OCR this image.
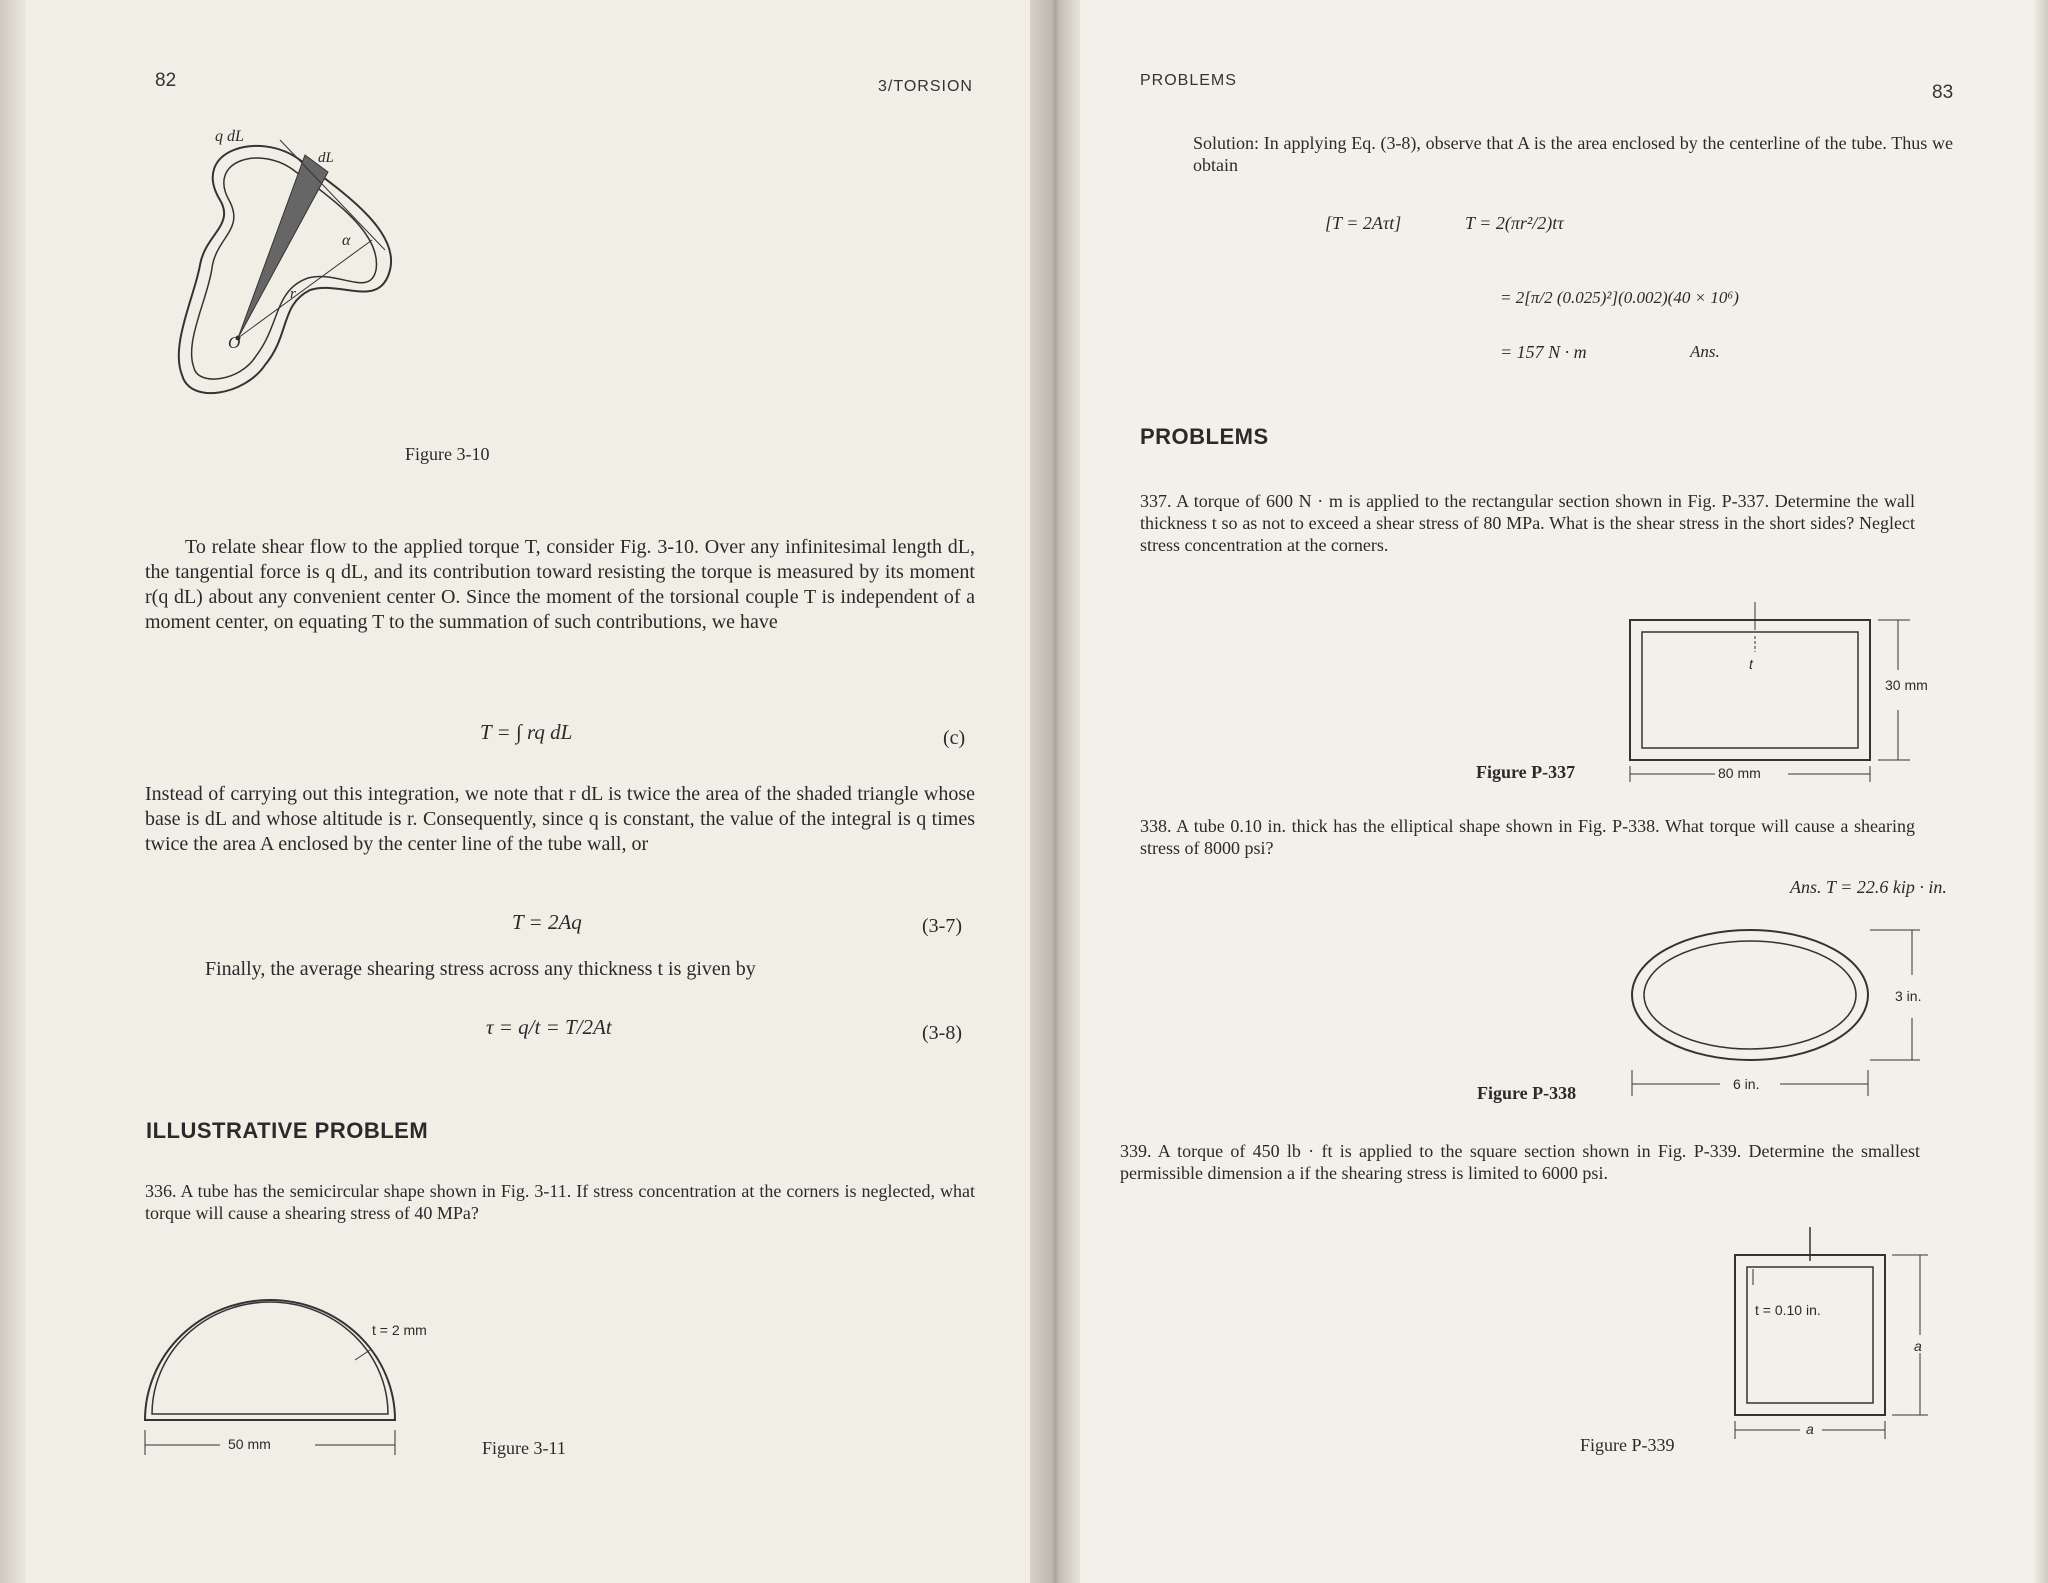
82	3/TORSION
q dL
dL
α
O
r
Figure 3-10
To relate shear flow to the applied torque T, consider Fig. 3-10. Over any infinitesimal length dL, the tangential force is q dL, and its contribution toward resisting the torque is measured by its moment r(q dL) about any convenient center O. Since the moment of the torsional couple T is independent of a moment center, on equating T to the summation of such contributions, we have
T = ∫ rq dL	(c)
Instead of carrying out this integration, we note that r dL is twice the area of the shaded triangle whose base is dL and whose altitude is r. Consequently, since q is constant, the value of the integral is q times twice the area A enclosed by the center line of the tube wall, or
T = 2Aq	(3-7)
Finally, the average shearing stress across any thickness t is given by
τ = q/t = T/2At	(3-8)
ILLUSTRATIVE PROBLEM
336. A tube has the semicircular shape shown in Fig. 3-11. If stress concentration at the corners is neglected, what torque will cause a shearing stress of 40 MPa?
t = 2 mm
50 mm	Figure 3-11
PROBLEMS
83
Solution: In applying Eq. (3-8), observe that A is the area enclosed by the centerline of the tube. Thus we obtain
[T = 2Aτt]	T = 2(πr²/2)tτ
= 2[π/2 (0.025)²](0.002)(40 × 10⁶)
= 157 N · m	Ans.
PROBLEMS
337. A torque of 600 N · m is applied to the rectangular section shown in Fig. P-337. Determine the wall thickness t so as not to exceed a shear stress of 80 MPa. What is the shear stress in the short sides? Neglect stress concentration at the corners.
t
30 mm
80 mm
Figure P-337
338. A tube 0.10 in. thick has the elliptical shape shown in Fig. P-338. What torque will cause a shearing stress of 8000 psi?
Ans. T = 22.6 kip · in.
3 in.
6 in.
Figure P-338
339. A torque of 450 lb · ft is applied to the square section shown in Fig. P-339. Determine the smallest permissible dimension a if the shearing stress is limited to 6000 psi.
t = 0.10 in.
a
a
Figure P-339
